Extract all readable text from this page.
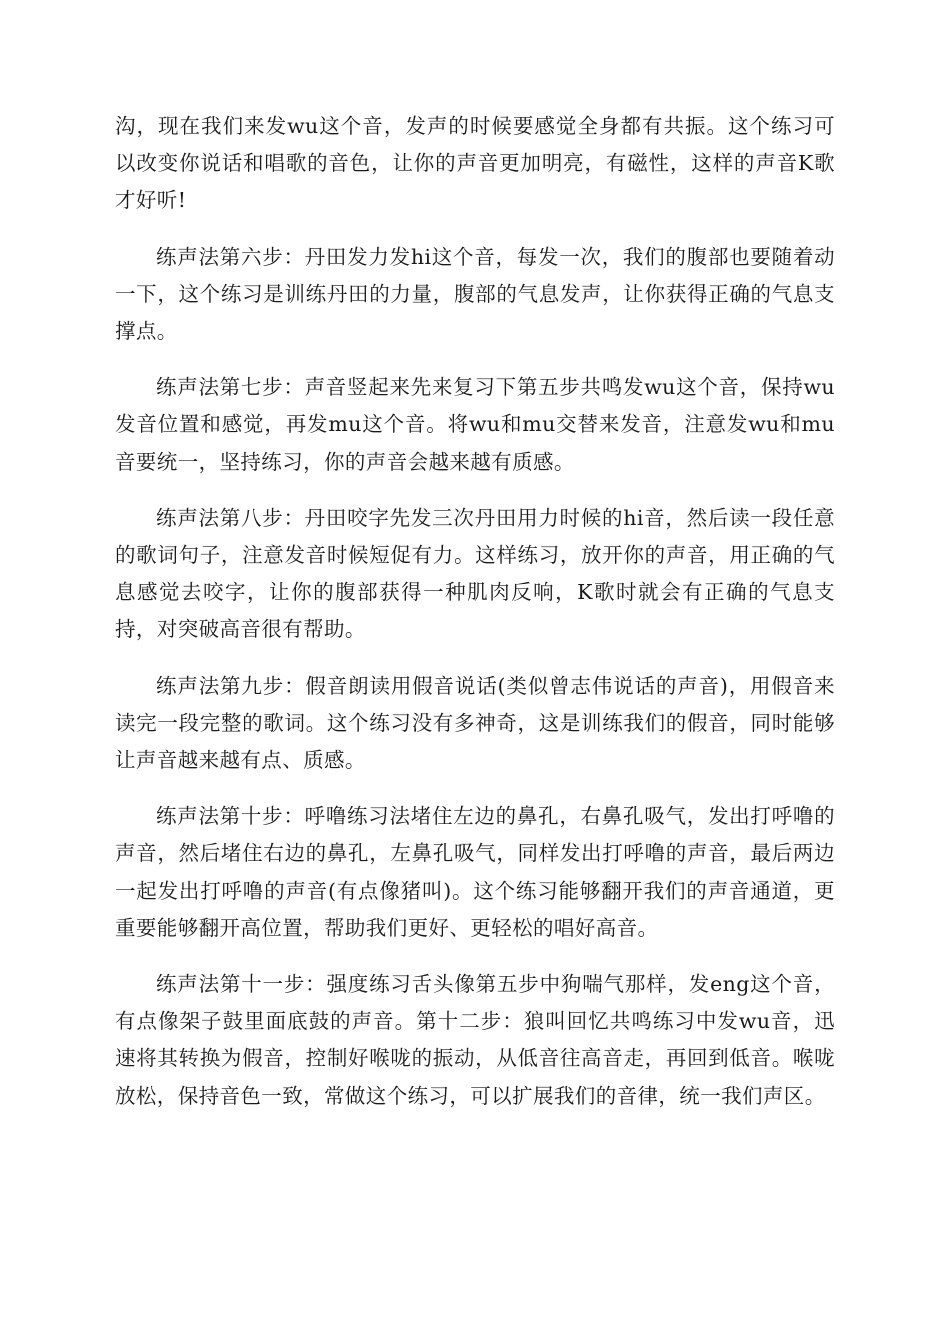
沟，现在我们来发wu这个音，发声的时候要感觉全身都有共振。这个练习可以改变你说话和唱歌的音色，让你的声音更加明亮，有磁性，这样的声音K歌才好听!

练声法第六步：丹田发力发hi这个音，每发一次，我们的腹部也要随着动一下，这个练习是训练丹田的力量，腹部的气息发声，让你获得正确的气息支撑点。

练声法第七步：声音竖起来先来复习下第五步共鸣发wu这个音，保持wu发音位置和感觉，再发mu这个音。将wu和mu交替来发音，注意发wu和mu音要统一，坚持练习，你的声音会越来越有质感。

练声法第八步：丹田咬字先发三次丹田用力时候的hi音，然后读一段任意的歌词句子，注意发音时候短促有力。这样练习，放开你的声音，用正确的气息感觉去咬字，让你的腹部获得一种肌肉反响，K歌时就会有正确的气息支持，对突破高音很有帮助。

练声法第九步：假音朗读用假音说话(类似曾志伟说话的声音)，用假音来读完一段完整的歌词。这个练习没有多神奇，这是训练我们的假音，同时能够让声音越来越有点、质感。

练声法第十步：呼噜练习法堵住左边的鼻孔，右鼻孔吸气，发出打呼噜的声音，然后堵住右边的鼻孔，左鼻孔吸气，同样发出打呼噜的声音，最后两边一起发出打呼噜的声音(有点像猪叫)。这个练习能够翻开我们的声音通道，更重要能够翻开高位置，帮助我们更好、更轻松的唱好高音。

练声法第十一步：强度练习舌头像第五步中狗喘气那样，发eng这个音，有点像架子鼓里面底鼓的声音。第十二步：狼叫回忆共鸣练习中发wu音，迅速将其转换为假音，控制好喉咙的振动，从低音往高音走，再回到低音。喉咙放松，保持音色一致，常做这个练习，可以扩展我们的音律，统一我们声区。
